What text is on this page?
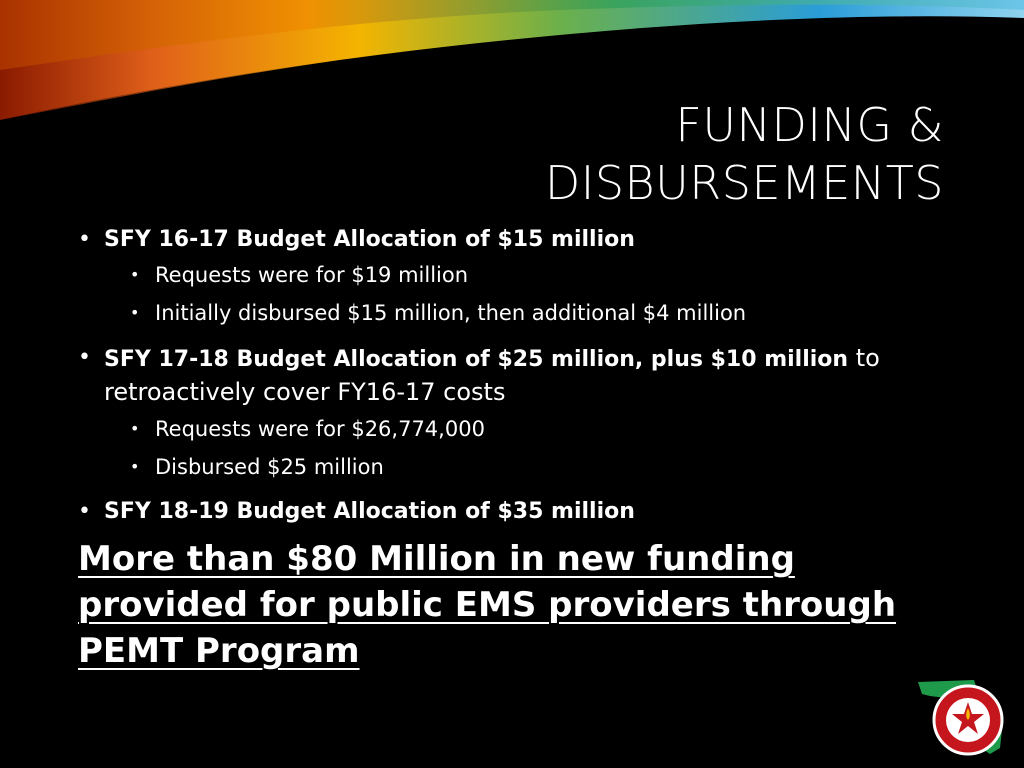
FUNDING &
DISBURSEMENTS
• SFY 16-17 Budget Allocation of $15 million
• Requests were for $19 million
• Initially disbursed $15 million, then additional $4 million
• SFY 17-18 Budget Allocation of $25 million, plus $10 million to retroactively cover FY16-17 costs
• Requests were for $26,774,000
• Disbursed $25 million
• SFY 18-19 Budget Allocation of $35 million
More than $80 Million in new funding provided for public EMS providers through PEMT Program
